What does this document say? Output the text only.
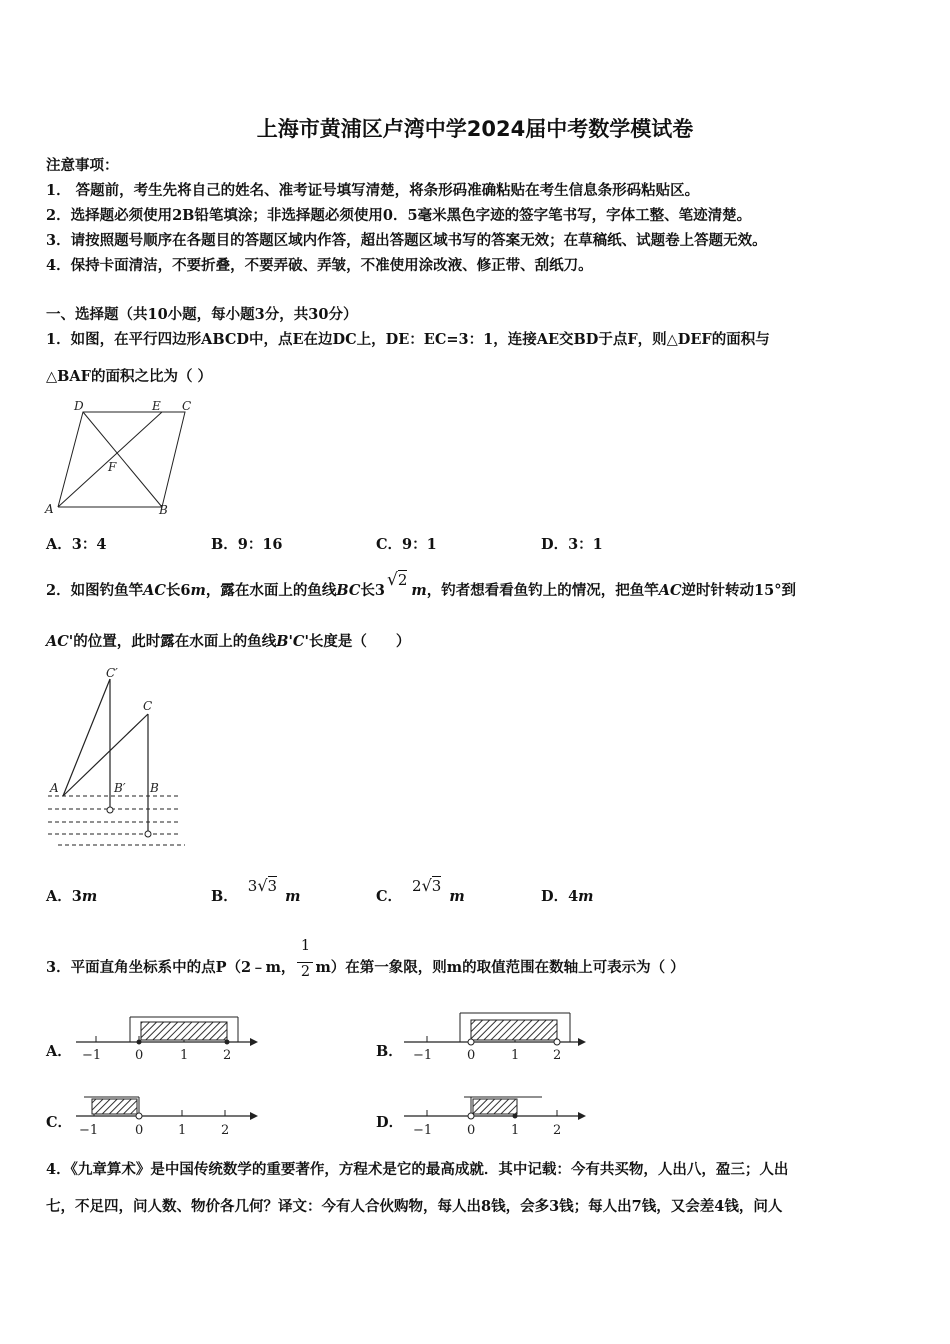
上海市黄浦区卢湾中学2024届中考数学模试卷
注意事项：
1． 答题前，考生先将自己的姓名、准考证号填写清楚，将条形码准确粘贴在考生信息条形码粘贴区。
2．选择题必须使用2B铅笔填涂；非选择题必须使用0．5毫米黑色字迹的签字笔书写，字体工整、笔迹清楚。
3．请按照题号顺序在各题目的答题区域内作答，超出答题区域书写的答案无效；在草稿纸、试题卷上答题无效。
4．保持卡面清洁，不要折叠，不要弄破、弄皱，不准使用涂改液、修正带、刮纸刀。
一、选择题（共10小题，每小题3分，共30分）
1．如图，在平行四边形ABCD中，点E在边DC上，DE：EC=3：1，连接AE交BD于点F，则△DEF的面积与
△BAF的面积之比为（ ）
D	E C
F
A	B
A．3：4	B．9：16	C．9：1	D．3：1
2．如图钓鱼竿AC长6m，露在水面上的鱼线BC长3√2m，钓者想看看鱼钓上的情况，把鱼竿AC逆时针转动15°到
AC'的位置，此时露在水面上的鱼线B'C'长度是（　　）
C′
C
A	B′ B
A．3m	B．3√3m	C．2√3m	D．4m
3．平面直角坐标系中的点P（2﹣m，
$\frac{1}{2}$
m）在第一象限，则m的取值范围在数轴上可表示为（ ）
A． −1	0	1	2	B． −1	0	1	2
C． −1	0	1	2	D． −1	0	1	2
4．《九章算术》是中国传统数学的重要著作，方程术是它的最高成就．其中记载：今有共买物，人出八，盈三；人出
七，不足四，问人数、物价各几何？译文：今有人合伙购物，每人出8钱，会多3钱；每人出7钱，又会差4钱，问人
